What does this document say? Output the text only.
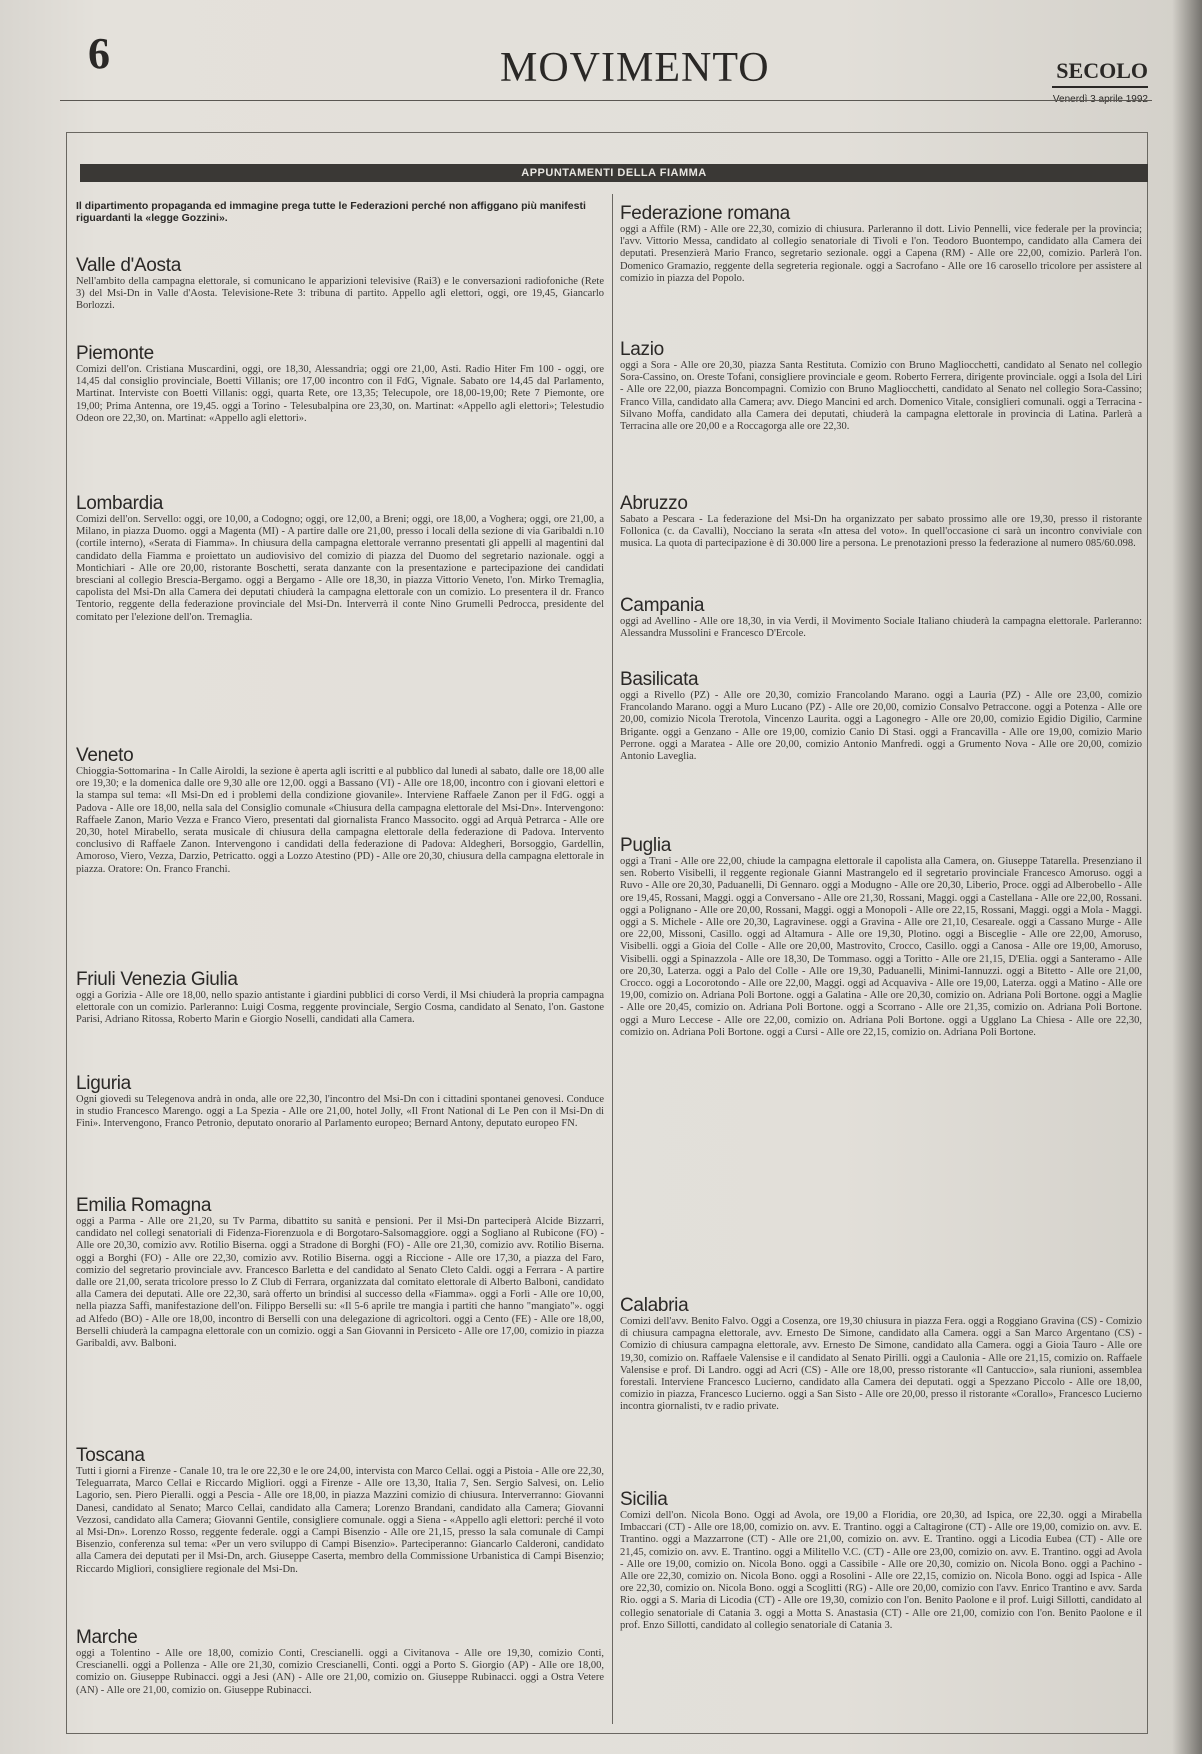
6	MOVIMENTO	SECOLO
APPUNTAMENTI DELLA FIAMMA

Il dipartimento propaganda ed immagine prega tutte le Federazioni perché non affiggano più manifesti riguardanti la «legge Gozzini».

Valle d'Aosta

Nell'ambito della campagna elettorale, si comunicano le apparizioni televisive (Rai3) e le conversazioni radiofoniche (Rete 3) del Msi-Dn in Valle d'Aosta. Televisione-Rete 3: tribuna di partito. Appello agli elettori, oggi, ore 19,45, Giancarlo Borlozzi.

Piemonte

Comizi dell'on. Cristiana Muscardini, oggi, ore 18,30, Alessandria; oggi ore 21,00, Asti. Radio Hiter Fm 100 - oggi, ore 14,45 dal consiglio provinciale, Boetti Villanis; ore 17,00 incontro con il FdG, Vignale. Sabato ore 14,45 dal Parlamento, Martinat. Interviste con Boetti Villanis: oggi, quarta Rete, ore 13,35; Telecupole, ore 18,00-19,00; Rete 7 Piemonte, ore 19,00; Prima Antenna, ore 19,45. oggi a Torino - Telesubalpina ore 23,30, on. Martinat: «Appello agli elettori»; Telestudio Odeon ore 22,30, on. Martinat: «Appello agli elettori».

Lombardia

Comizi dell'on. Servello: oggi, ore 10,00, a Codogno; oggi, ore 12,00, a Breni; oggi, ore 18,00, a Voghera; oggi, ore 21,00, a Milano, in piazza Duomo. oggi a Magenta (MI) - A partire dalle ore 21,00, presso i locali della sezione di via Garibaldi n.10 (cortile interno), «Serata di Fiamma». In chiusura della campagna elettorale verranno presentati gli appelli al magentini dal candidato della Fiamma e proiettato un audiovisivo del comizio di piazza del Duomo del segretario nazionale. oggi a Montichiari - Alle ore 20,00, ristorante Boschetti, serata danzante con la presentazione e partecipazione dei candidati bresciani al collegio Brescia-Bergamo. oggi a Bergamo - Alle ore 18,30, in piazza Vittorio Veneto, l'on. Mirko Tremaglia, capolista del Msi-Dn alla Camera dei deputati chiuderà la campagna elettorale con un comizio. Lo presentera il dr. Franco Tentorio, reggente della federazione provinciale del Msi-Dn. Interverrà il conte Nino Grumelli Pedrocca, presidente del comitato per l'elezione dell'on. Tremaglia.

Veneto

Chioggia-Sottomarina - In Calle Airoldi, la sezione è aperta agli iscritti e al pubblico dal lunedì al sabato, dalle ore 18,00 alle ore 19,30; e la domenica dalle ore 9,30 alle ore 12,00. oggi a Bassano (VI) - Alle ore 18,00, incontro con i giovani elettori e la stampa sul tema: «Il Msi-Dn ed i problemi della condizione giovanile». Interviene Raffaele Zanon per il FdG. oggi a Padova - Alle ore 18,00, nella sala del Consiglio comunale «Chiusura della campagna elettorale del Msi-Dn». Intervengono: Raffaele Zanon, Mario Vezza e Franco Viero, presentati dal giornalista Franco Massocito. oggi ad Arquà Petrarca - Alle ore 20,30, hotel Mirabello, serata musicale di chiusura della campagna elettorale della federazione di Padova. Intervento conclusivo di Raffaele Zanon. Intervengono i candidati della federazione di Padova: Aldegheri, Borsoggio, Gardellin, Amoroso, Viero, Vezza, Darzio, Petricatto. oggi a Lozzo Atestino (PD) - Alle ore 20,30, chiusura della campagna elettorale in piazza. Oratore: On. Franco Franchi.

Friuli Venezia Giulia

oggi a Gorizia - Alle ore 18,00, nello spazio antistante i giardini pubblici di corso Verdi, il Msi chiuderà la propria campagna elettorale con un comizio. Parleranno: Luigi Cosma, reggente provinciale, Sergio Cosma, candidato al Senato, l'on. Gastone Parisi, Adriano Ritossa, Roberto Marin e Giorgio Noselli, candidati alla Camera.

Liguria

Ogni giovedì su Telegenova andrà in onda, alle ore 22,30, l'incontro del Msi-Dn con i cittadini spontanei genovesi. Conduce in studio Francesco Marengo. oggi a La Spezia - Alle ore 21,00, hotel Jolly, «Il Front National di Le Pen con il Msi-Dn di Fini». Intervengono, Franco Petronio, deputato onorario al Parlamento europeo; Bernard Antony, deputato europeo FN.

Emilia Romagna

oggi a Parma - Alle ore 21,20, su Tv Parma, dibattito su sanità e pensioni. Per il Msi-Dn parteciperà Alcide Bizzarri, candidato nel collegi senatoriali di Fidenza-Fiorenzuola e di Borgotaro-Salsomaggiore. oggi a Sogliano al Rubicone (FO) - Alle ore 20,30, comizio avv. Rotilio Biserna. oggi a Stradone di Borghi (FO) - Alle ore 21,30, comizio avv. Rotilio Biserna. oggi a Borghi (FO) - Alle ore 22,30, comizio avv. Rotilio Biserna. oggi a Riccione - Alle ore 17,30, a piazza del Faro, comizio del segretario provinciale avv. Francesco Barletta e del candidato al Senato Cleto Caldi. oggi a Ferrara - A partire dalle ore 21,00, serata tricolore presso lo Z Club di Ferrara, organizzata dal comitato elettorale di Alberto Balboni, candidato alla Camera dei deputati. Alle ore 22,30, sarà offerto un brindisi al successo della «Fiamma». oggi a Forlì - Alle ore 10,00, nella piazza Saffi, manifestazione dell'on. Filippo Berselli su: «Il 5-6 aprile tre mangia i partiti che hanno "mangiato"». oggi ad Alfedo (BO) - Alle ore 18,00, incontro di Berselli con una delegazione di agricoltori. oggi a Cento (FE) - Alle ore 18,00, Berselli chiuderà la campagna elettorale con un comizio. oggi a San Giovanni in Persiceto - Alle ore 17,00, comizio in piazza Garibaldi, avv. Balboni.

Toscana

Tutti i giorni a Firenze - Canale 10, tra le ore 22,30 e le ore 24,00, intervista con Marco Cellai. oggi a Pistoia - Alle ore 22,30, Teleguarrata, Marco Cellai e Riccardo Migliori. oggi a Firenze - Alle ore 13,30, Italia 7, Sen. Sergio Salvesi, on. Lelio Lagorio, sen. Piero Pieralli. oggi a Pescia - Alle ore 18,00, in piazza Mazzini comizio di chiusura. Interverranno: Giovanni Danesi, candidato al Senato; Marco Cellai, candidato alla Camera; Lorenzo Brandani, candidato alla Camera; Giovanni Vezzosi, candidato alla Camera; Giovanni Gentile, consigliere comunale. oggi a Siena - «Appello agli elettori: perché il voto al Msi-Dn». Lorenzo Rosso, reggente federale. oggi a Campi Bisenzio - Alle ore 21,15, presso la sala comunale di Campi Bisenzio, conferenza sul tema: «Per un vero sviluppo di Campi Bisenzio». Parteciperanno: Giancarlo Calderoni, candidato alla Camera dei deputati per il Msi-Dn, arch. Giuseppe Caserta, membro della Commissione Urbanistica di Campi Bisenzio; Riccardo Migliori, consigliere regionale del Msi-Dn.

Marche

oggi a Tolentino - Alle ore 18,00, comizio Conti, Crescianelli. oggi a Civitanova - Alle ore 19,30, comizio Conti, Crescianelli. oggi a Pollenza - Alle ore 21,30, comizio Crescianelli, Conti. oggi a Porto S. Giorgio (AP) - Alle ore 18,00, comizio on. Giuseppe Rubinacci. oggi a Jesi (AN) - Alle ore 21,00, comizio on. Giuseppe Rubinacci. oggi a Ostra Vetere (AN) - Alle ore 21,00, comizio on. Giuseppe Rubinacci.

Federazione romana

oggi a Affile (RM) - Alle ore 22,30, comizio di chiusura. Parleranno il dott. Livio Pennelli, vice federale per la provincia; l'avv. Vittorio Messa, candidato al collegio senatoriale di Tivoli e l'on. Teodoro Buontempo, candidato alla Camera dei deputati. Presenzierà Mario Franco, segretario sezionale. oggi a Capena (RM) - Alle ore 22,00, comizio. Parlerà l'on. Domenico Gramazio, reggente della segreteria regionale. oggi a Sacrofano - Alle ore 16 carosello tricolore per assistere al comizio in piazza del Popolo.

Lazio

oggi a Sora - Alle ore 20,30, piazza Santa Restituta. Comizio con Bruno Magliocchetti, candidato al Senato nel collegio Sora-Cassino, on. Oreste Tofani, consigliere provinciale e geom. Roberto Ferrera, dirigente provinciale. oggi a Isola del Liri - Alle ore 22,00, piazza Boncompagni. Comizio con Bruno Magliocchetti, candidato al Senato nel collegio Sora-Cassino; Franco Villa, candidato alla Camera; avv. Diego Mancini ed arch. Domenico Vitale, consiglieri comunali. oggi a Terracina - Silvano Moffa, candidato alla Camera dei deputati, chiuderà la campagna elettorale in provincia di Latina. Parlerà a Terracina alle ore 20,00 e a Roccagorga alle ore 22,30.

Abruzzo

Sabato a Pescara - La federazione del Msi-Dn ha organizzato per sabato prossimo alle ore 19,30, presso il ristorante Follonica (c. da Cavalli), Nocciano la serata «In attesa del voto». In quell'occasione ci sarà un incontro conviviale con musica. La quota di partecipazione è di 30.000 lire a persona. Le prenotazioni presso la federazione al numero 085/60.098.

Campania

oggi ad Avellino - Alle ore 18,30, in via Verdi, il Movimento Sociale Italiano chiuderà la campagna elettorale. Parleranno: Alessandra Mussolini e Francesco D'Ercole.

Basilicata

oggi a Rivello (PZ) - Alle ore 20,30, comizio Francolando Marano. oggi a Lauria (PZ) - Alle ore 23,00, comizio Francolando Marano. oggi a Muro Lucano (PZ) - Alle ore 20,00, comizio Consalvo Petraccone. oggi a Potenza - Alle ore 20,00, comizio Nicola Trerotola, Vincenzo Laurita. oggi a Lagonegro - Alle ore 20,00, comizio Egidio Digilio, Carmine Brigante. oggi a Genzano - Alle ore 19,00, comizio Canio Di Stasi. oggi a Francavilla - Alle ore 19,00, comizio Mario Perrone. oggi a Maratea - Alle ore 20,00, comizio Antonio Manfredi. oggi a Grumento Nova - Alle ore 20,00, comizio Antonio Laveglia.

Puglia

oggi a Trani - Alle ore 22,00, chiude la campagna elettorale il capolista alla Camera, on. Giuseppe Tatarella. Presenziano il sen. Roberto Visibelli, il reggente regionale Gianni Mastrangelo ed il segretario provinciale Francesco Amoruso. oggi a Ruvo - Alle ore 20,30, Paduanelli, Di Gennaro. oggi a Modugno - Alle ore 20,30, Liberio, Proce. oggi ad Alberobello - Alle ore 19,45, Rossani, Maggi. oggi a Conversano - Alle ore 21,30, Rossani, Maggi. oggi a Castellana - Alle ore 22,00, Rossani. oggi a Polignano - Alle ore 20,00, Rossani, Maggi. oggi a Monopoli - Alle ore 22,15, Rossani, Maggi. oggi a Mola - Maggi. oggi a S. Michele - Alle ore 20,30, Lagravinese. oggi a Gravina - Alle ore 21,10, Cesareale. oggi a Cassano Murge - Alle ore 22,00, Missoni, Casillo. oggi ad Altamura - Alle ore 19,30, Plotino. oggi a Bisceglie - Alle ore 22,00, Amoruso, Visibelli. oggi a Gioia del Colle - Alle ore 20,00, Mastrovito, Crocco, Casillo. oggi a Canosa - Alle ore 19,00, Amoruso, Visibelli. oggi a Spinazzola - Alle ore 18,30, De Tommaso. oggi a Toritto - Alle ore 21,15, D'Elia. oggi a Santeramo - Alle ore 20,30, Laterza. oggi a Palo del Colle - Alle ore 19,30, Paduanelli, Minimi-Iannuzzi. oggi a Bitetto - Alle ore 21,00, Crocco. oggi a Locorotondo - Alle ore 22,00, Maggi. oggi ad Acquaviva - Alle ore 19,00, Laterza. oggi a Matino - Alle ore 19,00, comizio on. Adriana Poli Bortone. oggi a Galatina - Alle ore 20,30, comizio on. Adriana Poli Bortone. oggi a Maglie - Alle ore 20,45, comizio on. Adriana Poli Bortone. oggi a Scorrano - Alle ore 21,35, comizio on. Adriana Poli Bortone. oggi a Muro Leccese - Alle ore 22,00, comizio on. Adriana Poli Bortone. oggi a Ugglano La Chiesa - Alle ore 22,30, comizio on. Adriana Poli Bortone. oggi a Cursi - Alle ore 22,15, comizio on. Adriana Poli Bortone.

Calabria

Comizi dell'avv. Benito Falvo. Oggi a Cosenza, ore 19,30 chiusura in piazza Fera. oggi a Roggiano Gravina (CS) - Comizio di chiusura campagna elettorale, avv. Ernesto De Simone, candidato alla Camera. oggi a San Marco Argentano (CS) - Comizio di chiusura campagna elettorale, avv. Ernesto De Simone, candidato alla Camera. oggi a Gioia Tauro - Alle ore 19,30, comizio on. Raffaele Valensise e il candidato al Senato Pirilli. oggi a Caulonia - Alle ore 21,15, comizio on. Raffaele Valensise e prof. Di Landro. oggi ad Acri (CS) - Alle ore 18,00, presso ristorante «Il Cantuccio», sala riunioni, assemblea forestali. Interviene Francesco Lucierno, candidato alla Camera dei deputati. oggi a Spezzano Piccolo - Alle ore 18,00, comizio in piazza, Francesco Lucierno. oggi a San Sisto - Alle ore 20,00, presso il ristorante «Corallo», Francesco Lucierno incontra giornalisti, tv e radio private.

Sicilia

Comizi dell'on. Nicola Bono. Oggi ad Avola, ore 19,00 a Floridia, ore 20,30, ad Ispica, ore 22,30. oggi a Mirabella Imbaccari (CT) - Alle ore 18,00, comizio on. avv. E. Trantino. oggi a Caltagirone (CT) - Alle ore 19,00, comizio on. avv. E. Trantino. oggi a Mazzarrone (CT) - Alle ore 21,00, comizio on. avv. E. Trantino. oggi a Licodia Eubea (CT) - Alle ore 21,45, comizio on. avv. E. Trantino. oggi a Militello V.C. (CT) - Alle ore 23,00, comizio on. avv. E. Trantino. oggi ad Avola - Alle ore 19,00, comizio on. Nicola Bono. oggi a Cassibile - Alle ore 20,30, comizio on. Nicola Bono. oggi a Pachino - Alle ore 22,30, comizio on. Nicola Bono. oggi a Rosolini - Alle ore 22,15, comizio on. Nicola Bono. oggi ad Ispica - Alle ore 22,30, comizio on. Nicola Bono. oggi a Scoglitti (RG) - Alle ore 20,00, comizio con l'avv. Enrico Trantino e avv. Sarda Rio. oggi a S. Maria di Licodia (CT) - Alle ore 19,30, comizio con l'on. Benito Paolone e il prof. Luigi Sillotti, candidato al collegio senatoriale di Catania 3. oggi a Motta S. Anastasia (CT) - Alle ore 21,00, comizio con l'on. Benito Paolone e il prof. Enzo Sillotti, candidato al collegio senatoriale di Catania 3.
